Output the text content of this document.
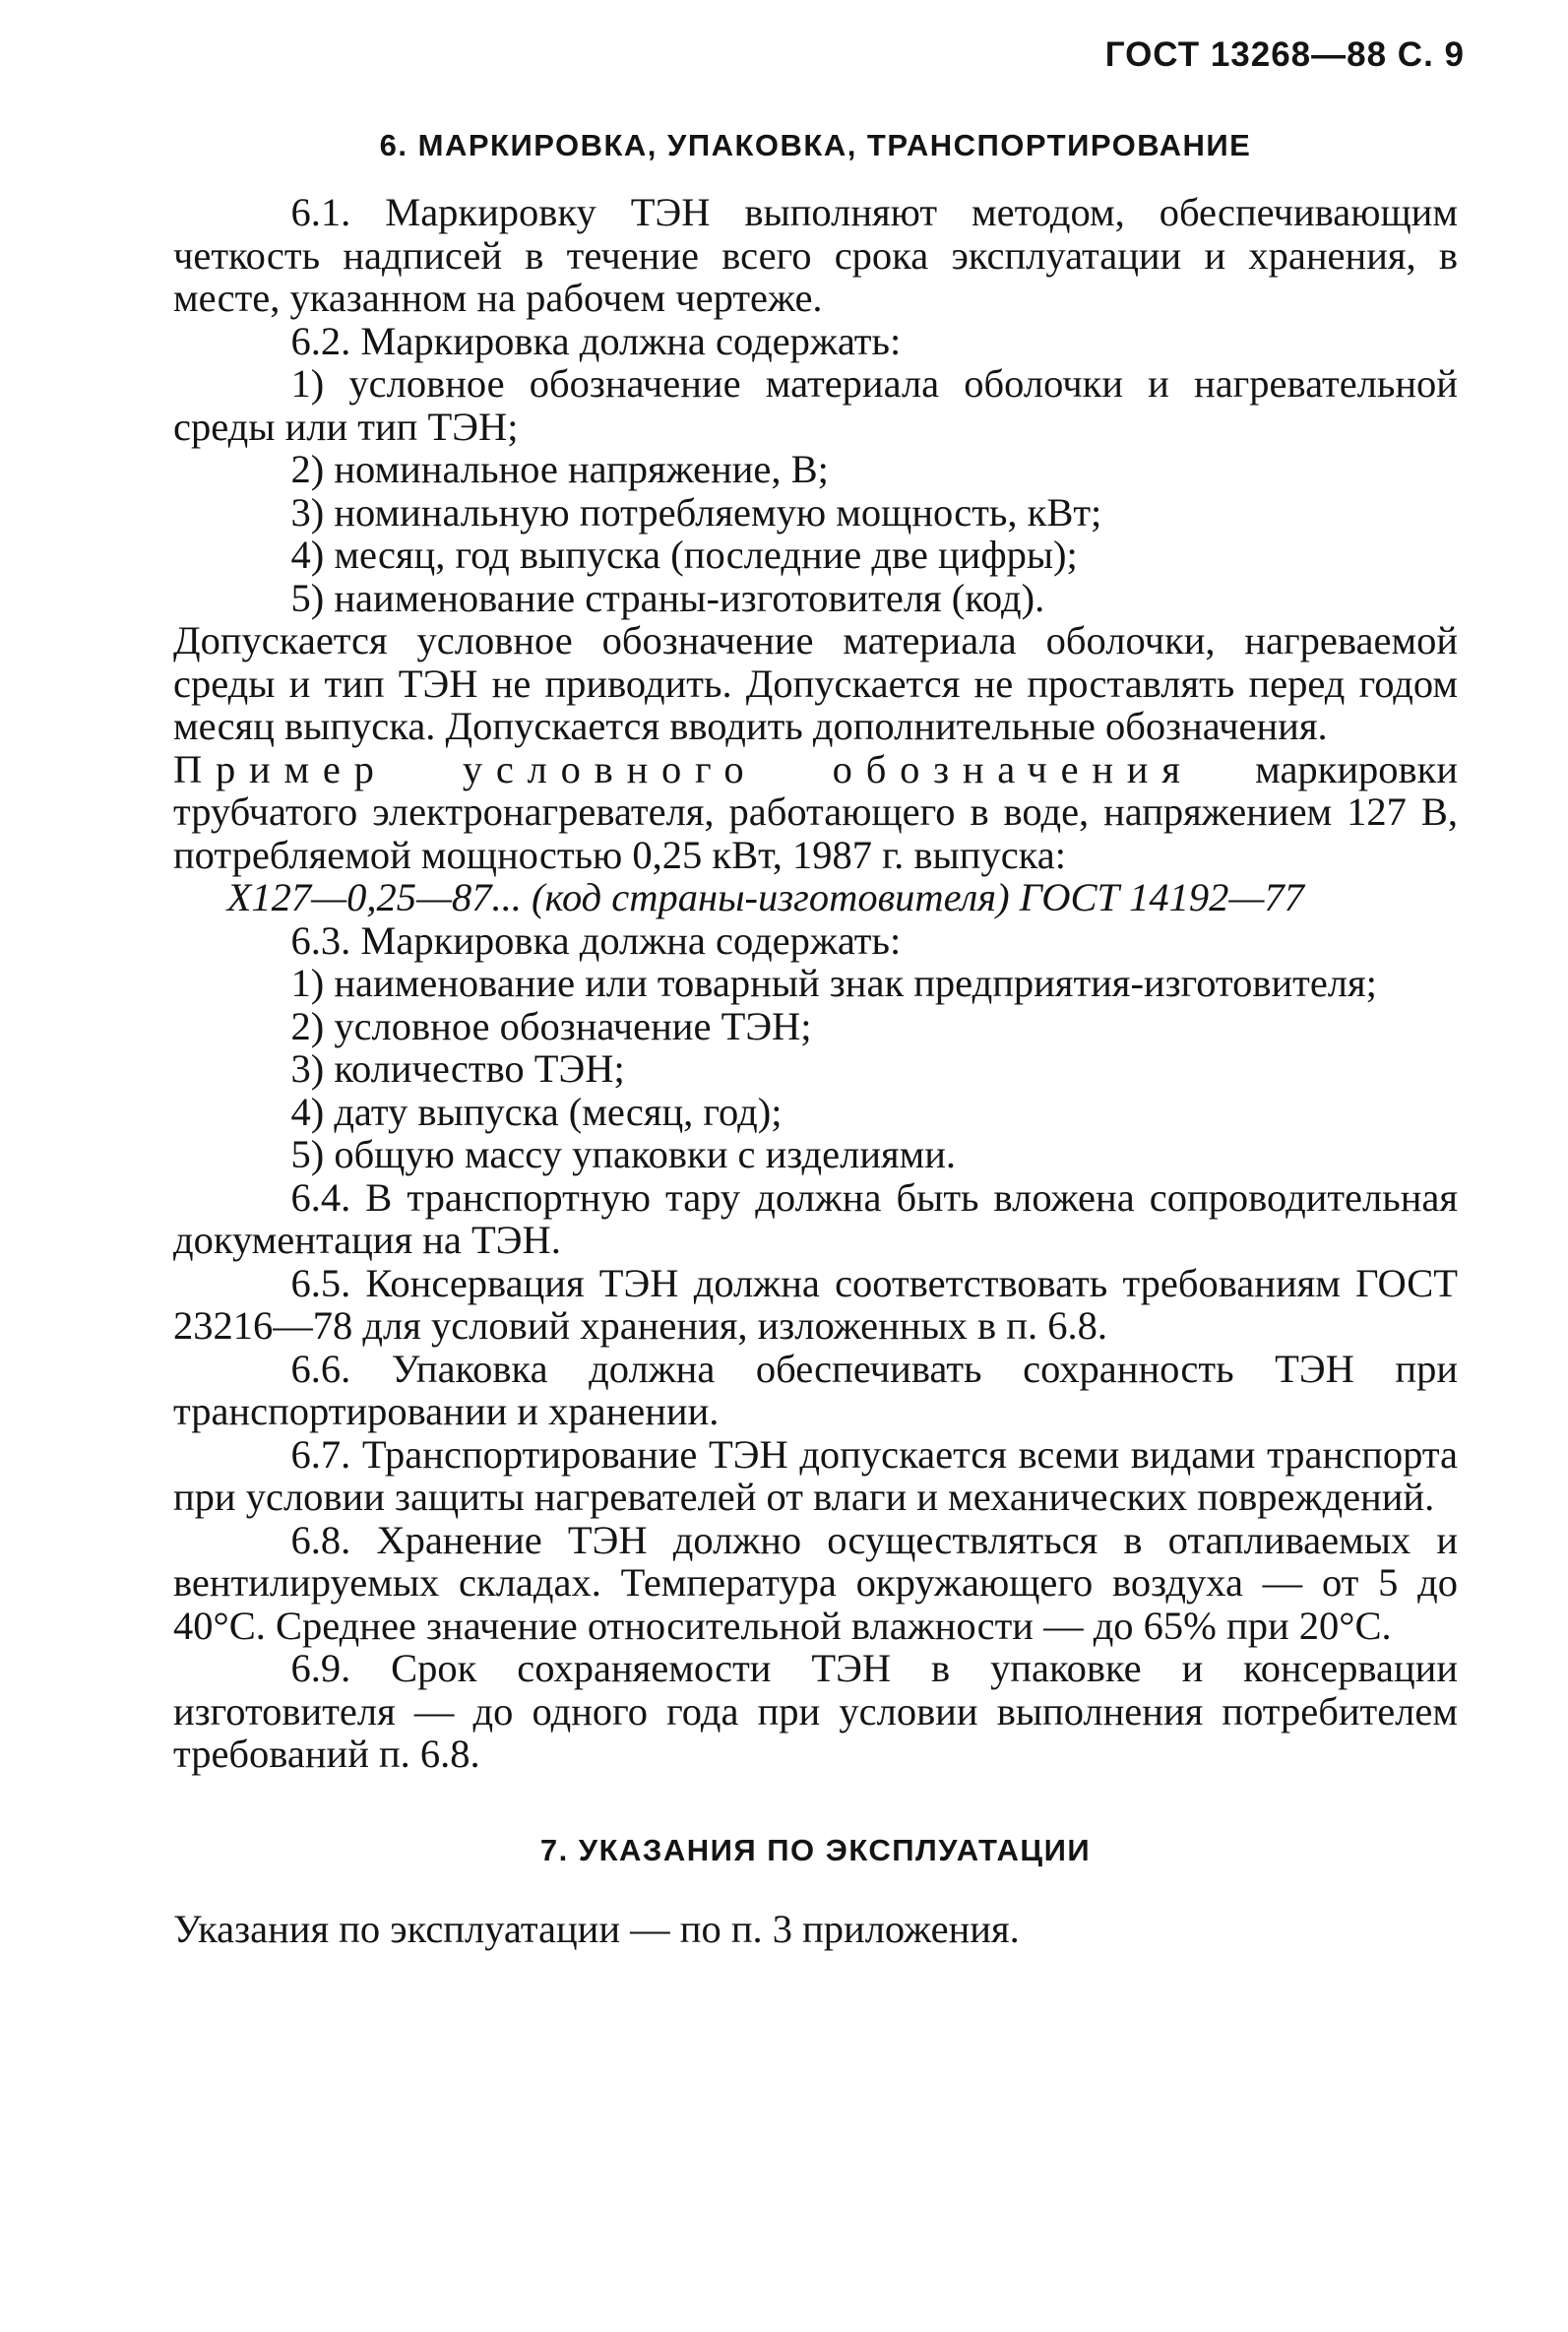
ГОСТ 13268—88 С. 9
6. МАРКИРОВКА, УПАКОВКА, ТРАНСПОРТИРОВАНИЕ

6.1. Маркировку ТЭН выполняют методом, обеспечивающим четкость надписей в течение всего срока эксплуатации и хранения, в месте, указанном на рабочем чертеже.

6.2. Маркировка должна содержать:

1) условное обозначение материала оболочки и нагревательной среды или тип ТЭН;

2) номинальное напряжение, В;

3) номинальную потребляемую мощность, кВт;

4) месяц, год выпуска (последние две цифры);

5) наименование страны-изготовителя (код).

Допускается условное обозначение материала оболочки, нагреваемой среды и тип ТЭН не приводить. Допускается не проставлять перед годом месяц выпуска. Допускается вводить дополнительные обозначения.

Пример условного обозначения маркировки трубчатого электронагревателя, работающего в воде, напряжением 127 В, потребляемой мощностью 0,25 кВт, 1987 г. выпуска:

Х127—0,25—87... (код страны-изготовителя) ГОСТ 14192—77

6.3. Маркировка должна содержать:

1) наименование или товарный знак предприятия-изготовителя;

2) условное обозначение ТЭН;

3) количество ТЭН;

4) дату выпуска (месяц, год);

5) общую массу упаковки с изделиями.

6.4. В транспортную тару должна быть вложена сопроводительная документация на ТЭН.

6.5. Консервация ТЭН должна соответствовать требованиям ГОСТ 23216—78 для условий хранения, изложенных в п. 6.8.

6.6. Упаковка должна обеспечивать сохранность ТЭН при транспортировании и хранении.

6.7. Транспортирование ТЭН допускается всеми видами транспорта при условии защиты нагревателей от влаги и механических повреждений.

6.8. Хранение ТЭН должно осуществляться в отапливаемых и вентилируемых складах. Температура окружающего воздуха — от 5 до 40°С. Среднее значение относительной влажности — до 65% при 20°С.

6.9. Срок сохраняемости ТЭН в упаковке и консервации изготовителя — до одного года при условии выполнения потребителем требований п. 6.8.

7. УКАЗАНИЯ ПО ЭКСПЛУАТАЦИИ

Указания по эксплуатации — по п. 3 приложения.
